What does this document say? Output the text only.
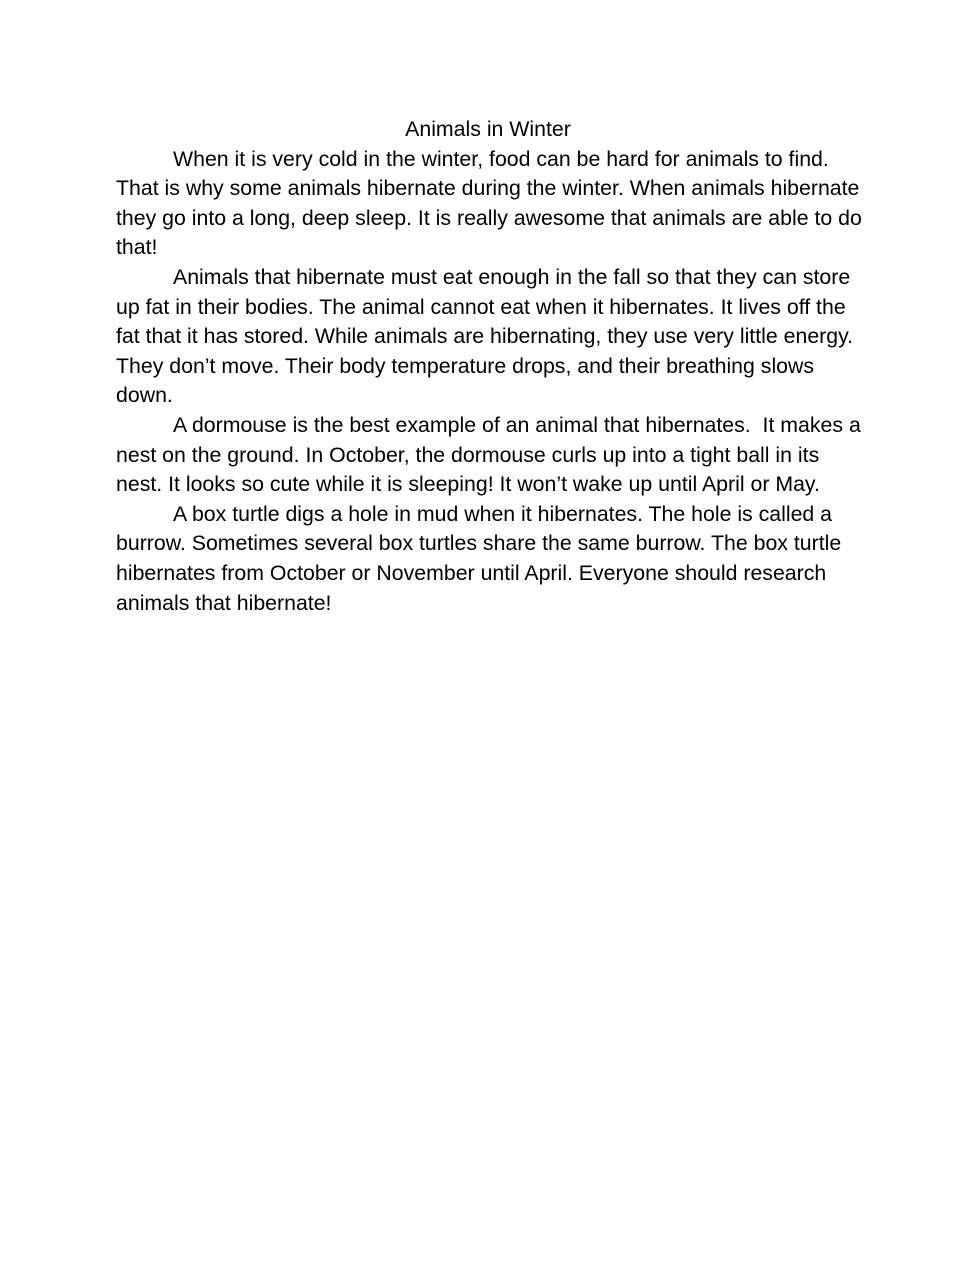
Animals in Winter

When it is very cold in the winter, food can be hard for animals to find. That is why some animals hibernate during the winter. When animals hibernate they go into a long, deep sleep. It is really awesome that animals are able to do that!

Animals that hibernate must eat enough in the fall so that they can store up fat in their bodies. The animal cannot eat when it hibernates. It lives off the fat that it has stored. While animals are hibernating, they use very little energy. They don’t move. Their body temperature drops, and their breathing slows down.

A dormouse is the best example of an animal that hibernates.  It makes a nest on the ground. In October, the dormouse curls up into a tight ball in its nest. It looks so cute while it is sleeping! It won’t wake up until April or May.

A box turtle digs a hole in mud when it hibernates. The hole is called a burrow. Sometimes several box turtles share the same burrow. The box turtle hibernates from October or November until April. Everyone should research animals that hibernate!
